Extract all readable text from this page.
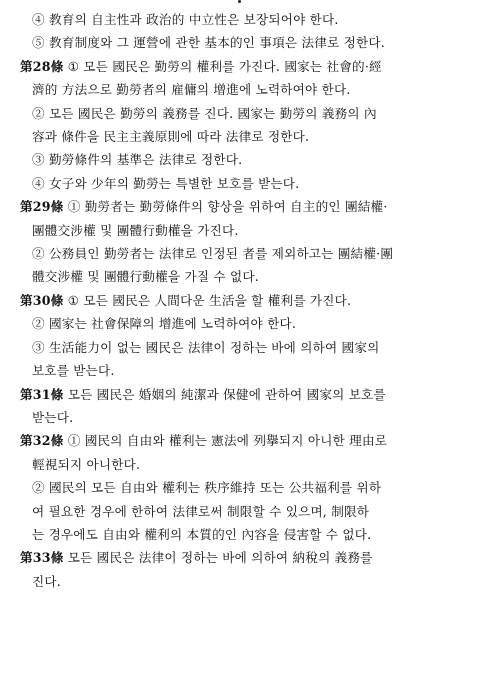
④ 教育의 自主性과 政治的 中立性은 보장되어야 한다.
⑤ 教育制度와 그 運營에 관한 基本的인 事項은 法律로 정한다.
第28條 ① 모든 國民은 勤勞의 權利를 가진다. 國家는 社會的·經
濟的 方法으로 勤勞者의 雇傭의 增進에 노력하여야 한다.
② 모든 國民은 勤勞의 義務를 진다. 國家는 勤勞의 義務의 內
容과 條件을 民主主義原則에 따라 法律로 정한다.
③ 勤勞條件의 基準은 法律로 정한다.
④ 女子와 少年의 勤勞는 특별한 보호를 받는다.
第29條 ① 勤勞者는 勤勞條件의 향상을 위하여 自主的인 團結權·
團體交涉權 및 團體行動權을 가진다.
② 公務員인 勤勞者는 法律로 인정된 者를 제외하고는 團結權·團
體交涉權 및 團體行動權을 가질 수 없다.
第30條 ① 모든 國民은 人間다운 生活을 할 權利를 가진다.
② 國家는 社會保障의 增進에 노력하여야 한다.
③ 生活能力이 없는 國民은 法律이 정하는 바에 의하여 國家의
보호를 받는다.
第31條 모든 國民은 婚姻의 純潔과 保健에 관하여 國家의 보호를
받는다.
第32條 ① 國民의 自由와 權利는 憲法에 列擧되지 아니한 理由로
輕視되지 아니한다.
② 國民의 모든 自由와 權利는 秩序維持 또는 公共福利를 위하
여 필요한 경우에 한하여 法律로써 制限할 수 있으며, 制限하
는 경우에도 自由와 權利의 本質的인 內容을 侵害할 수 없다.
第33條 모든 國民은 法律이 정하는 바에 의하여 納稅의 義務를
진다.
